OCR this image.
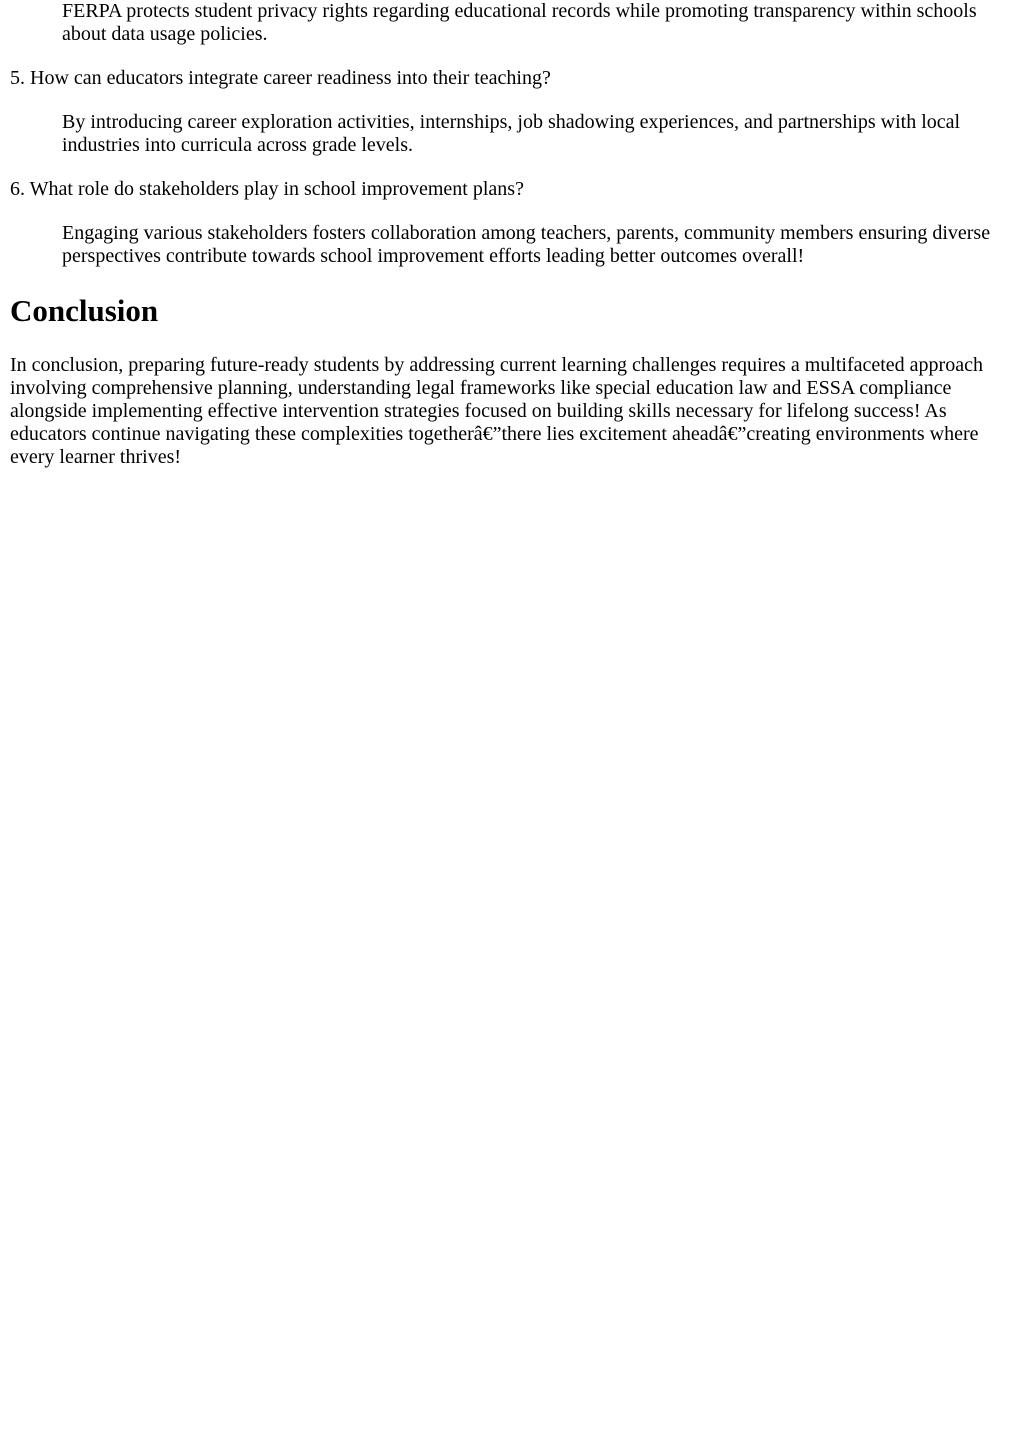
FERPA protects student privacy rights regarding educational records while promoting transparency within schools about data usage policies.

5. How can educators integrate career readiness into their teaching?

By introducing career exploration activities, internships, job shadowing experiences, and partnerships with local industries into curricula across grade levels.

6. What role do stakeholders play in school improvement plans?

Engaging various stakeholders fosters collaboration among teachers, parents, community members ensuring diverse perspectives contribute towards school improvement efforts leading better outcomes overall!

Conclusion

In conclusion, preparing future-ready students by addressing current learning challenges requires a multifaceted approach involving comprehensive planning, understanding legal frameworks like special education law and ESSA compliance alongside implementing effective intervention strategies focused on building skills necessary for lifelong success! As educators continue navigating these complexities togetherâ€”there lies excitement aheadâ€”creating environments where every learner thrives!
